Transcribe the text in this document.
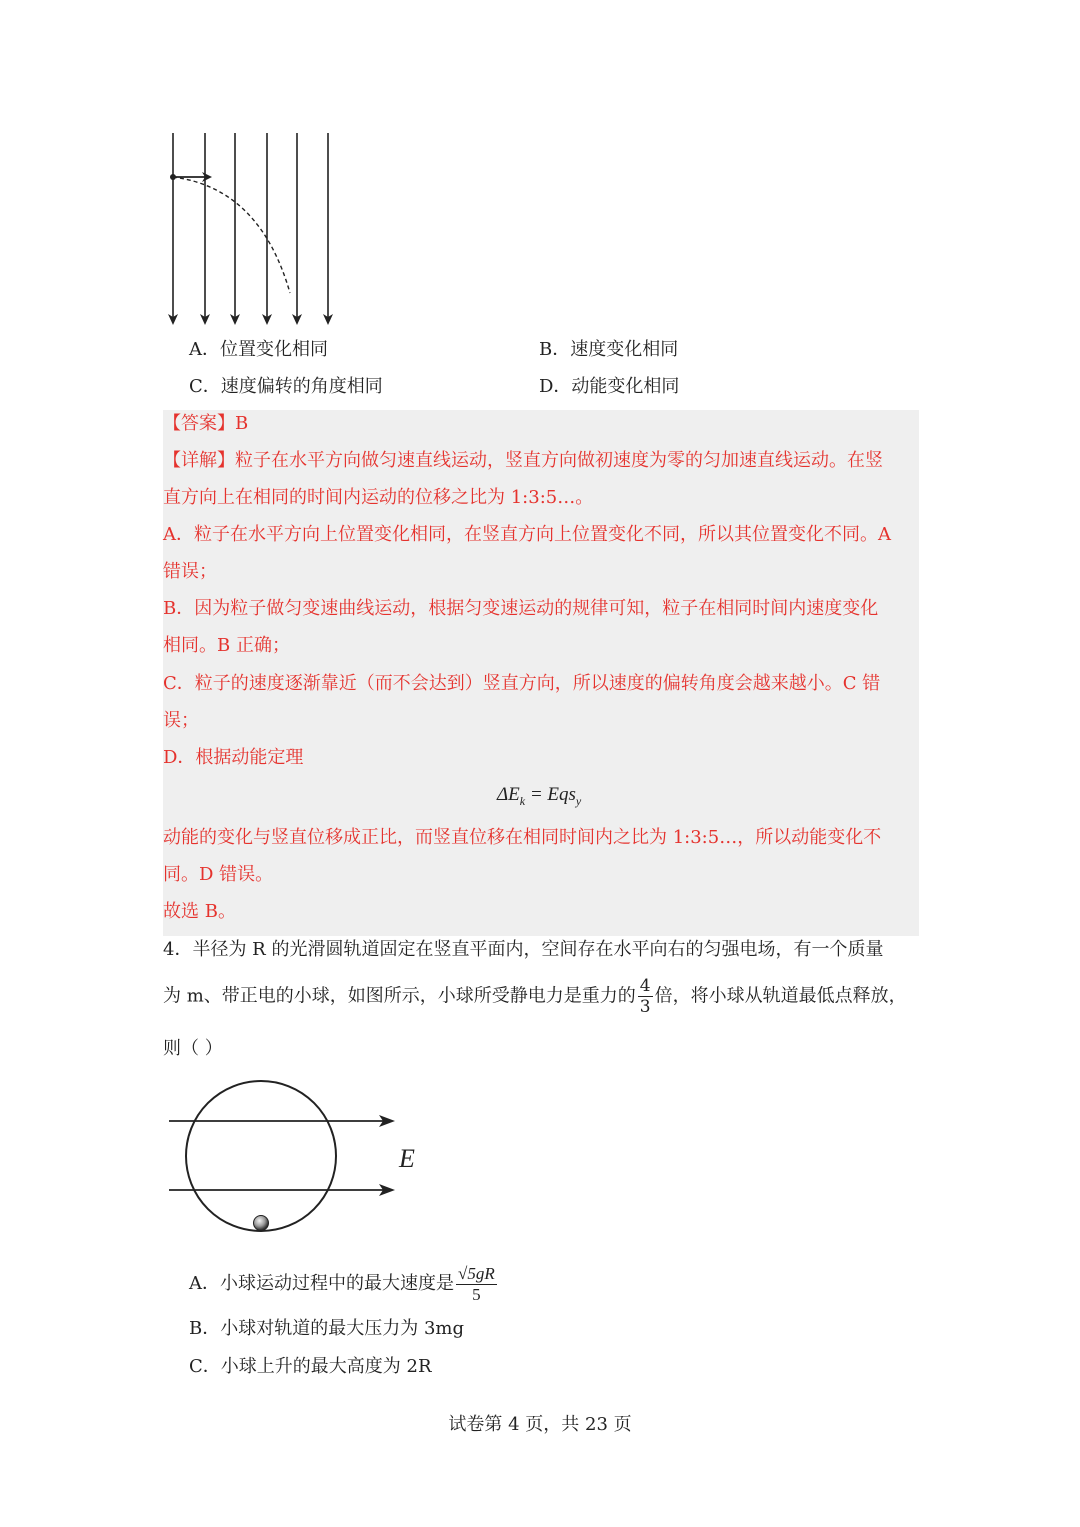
A．位置变化相同	B．速度变化相同
C．速度偏转的角度相同	D．动能变化相同
【答案】B
【详解】粒子在水平方向做匀速直线运动，竖直方向做初速度为零的匀加速直线运动。在竖
直方向上在相同的时间内运动的位移之比为 1:3:5…。
A．粒子在水平方向上位置变化相同，在竖直方向上位置变化不同，所以其位置变化不同。A
错误；
B．因为粒子做匀变速曲线运动，根据匀变速运动的规律可知，粒子在相同时间内速度变化
相同。B 正确；
C．粒子的速度逐渐靠近（而不会达到）竖直方向，所以速度的偏转角度会越来越小。C 错
误；
D．根据动能定理
$\Delta E_k = Eqs_y$
动能的变化与竖直位移成正比，而竖直位移在相同时间内之比为 1:3:5…，所以动能变化不
同。D 错误。
故选 B。
4．半径为 R 的光滑圆轨道固定在竖直平面内，空间存在水平向右的匀强电场，有一个质量
为 m、带正电的小球，如图所示，小球所受静电力是重力的 $\frac{4}{3}$ 倍，将小球从轨道最低点释放，
则（ ）
E
A．小球运动过程中的最大速度是 $\frac{√5gR}{5}$
B．小球对轨道的最大压力为 3mg
C．小球上升的最大高度为 2R
试卷第 4 页，共 23 页
